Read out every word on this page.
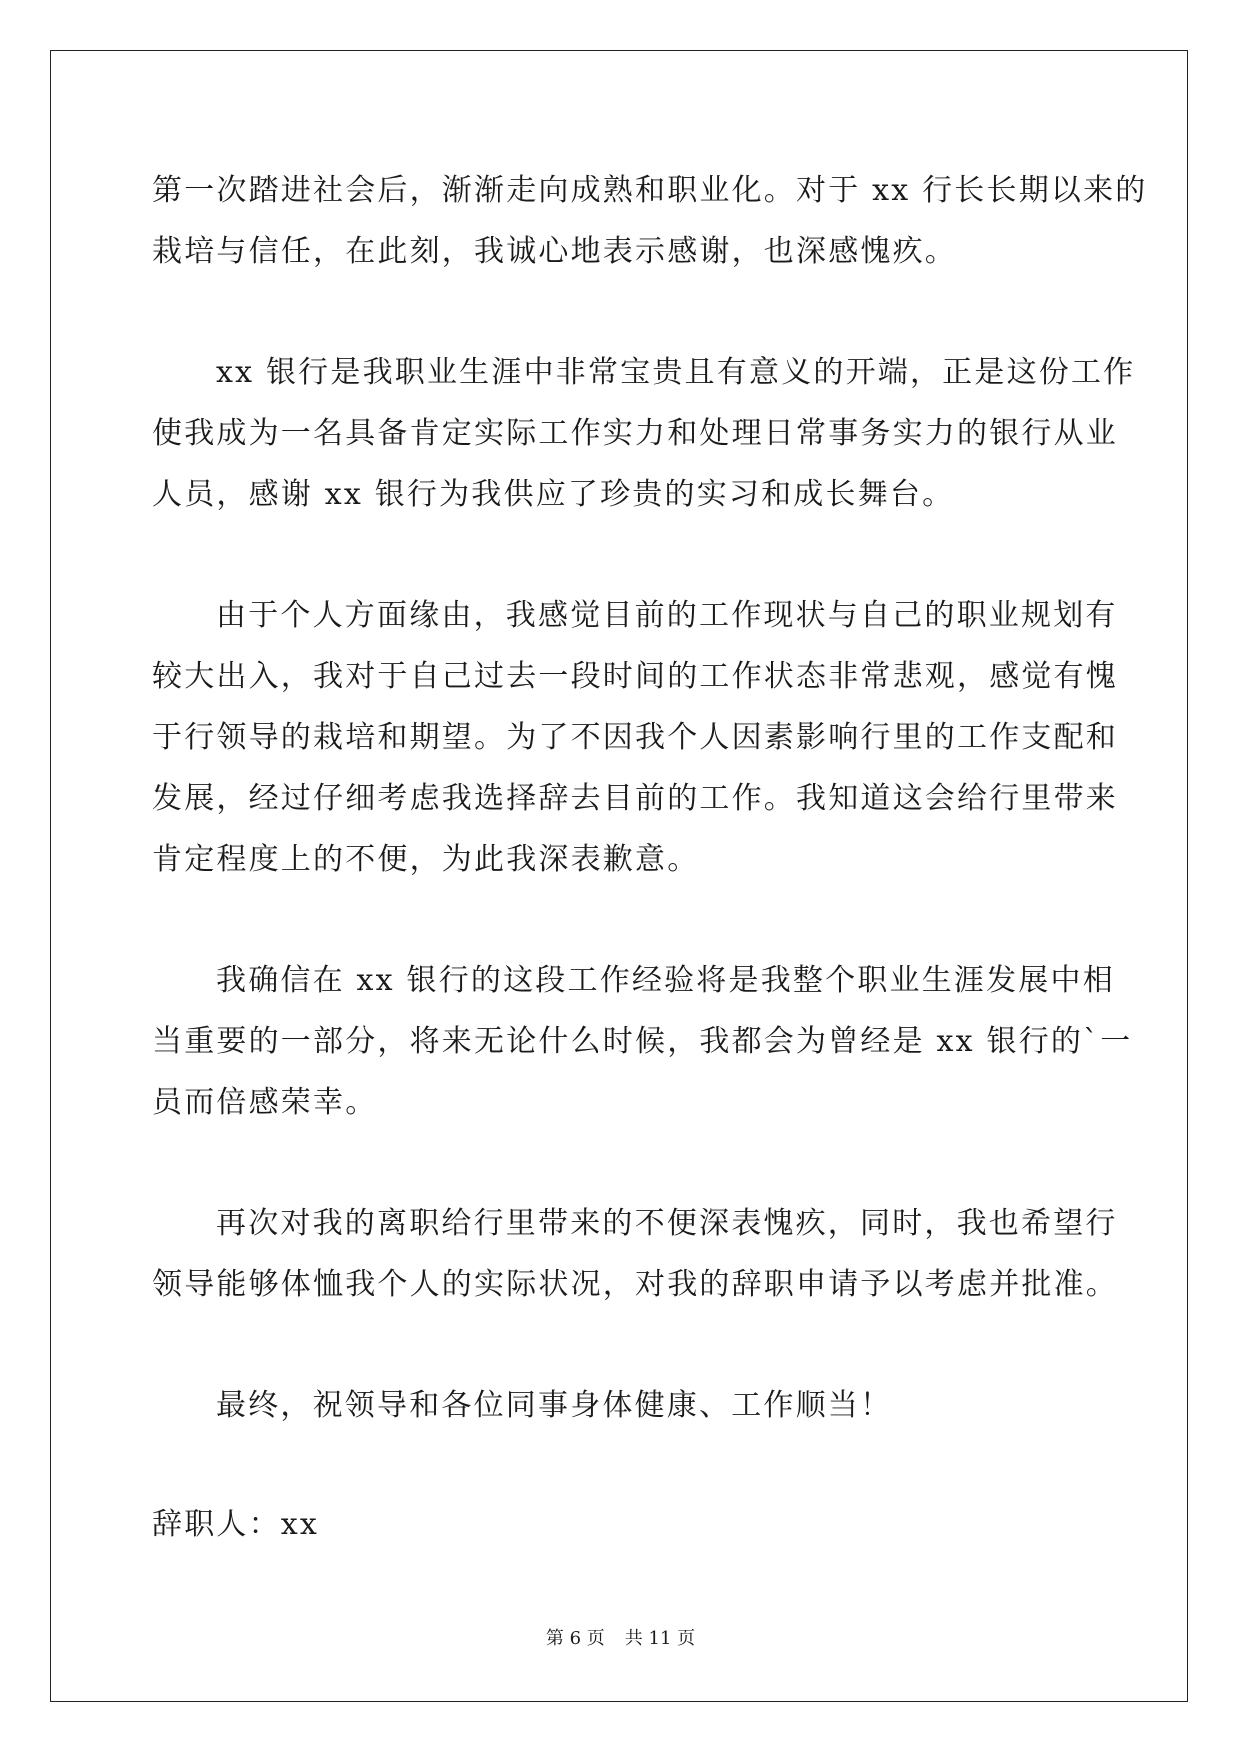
第一次踏进社会后，渐渐走向成熟和职业化。对于 xx 行长长期以来的
栽培与信任，在此刻，我诚心地表示感谢，也深感愧疚。
xx 银行是我职业生涯中非常宝贵且有意义的开端，正是这份工作
使我成为一名具备肯定实际工作实力和处理日常事务实力的银行从业
人员，感谢 xx 银行为我供应了珍贵的实习和成长舞台。
由于个人方面缘由，我感觉目前的工作现状与自己的职业规划有
较大出入，我对于自己过去一段时间的工作状态非常悲观，感觉有愧
于行领导的栽培和期望。为了不因我个人因素影响行里的工作支配和
发展，经过仔细考虑我选择辞去目前的工作。我知道这会给行里带来
肯定程度上的不便，为此我深表歉意。
我确信在 xx 银行的这段工作经验将是我整个职业生涯发展中相
当重要的一部分，将来无论什么时候，我都会为曾经是 xx 银行的`一
员而倍感荣幸。
再次对我的离职给行里带来的不便深表愧疚，同时，我也希望行
领导能够体恤我个人的实际状况，对我的辞职申请予以考虑并批准。
最终，祝领导和各位同事身体健康、工作顺当！
辞职人：xx
第 6 页 共 11 页
